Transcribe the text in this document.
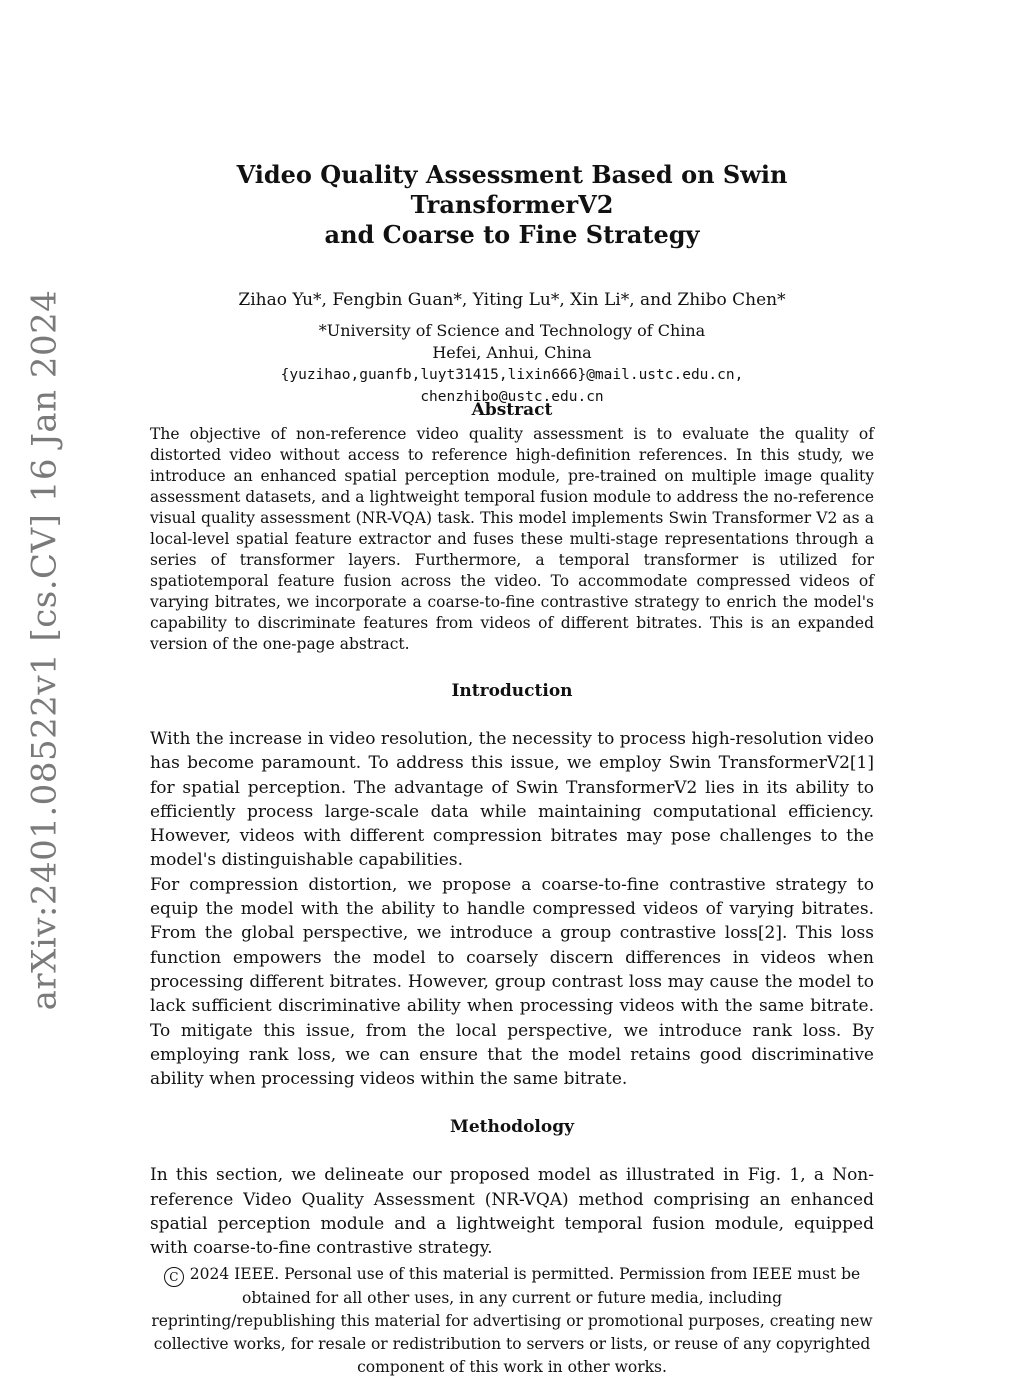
arXiv:2401.08522v1 [cs.CV] 16 Jan 2024
Video Quality Assessment Based on Swin TransformerV2
and Coarse to Fine Strategy
Zihao Yu*, Fengbin Guan*, Yiting Lu*, Xin Li*, and Zhibo Chen*
*University of Science and Technology of China
Hefei, Anhui, China
{yuzihao,guanfb,luyt31415,lixin666}@mail.ustc.edu.cn,
chenzhibo@ustc.edu.cn
Abstract
The objective of non-reference video quality assessment is to evaluate the quality of distorted video without access to reference high-definition references. In this study, we introduce an enhanced spatial perception module, pre-trained on multiple image quality assessment datasets, and a lightweight temporal fusion module to address the no-reference visual quality assessment (NR-VQA) task. This model implements Swin Transformer V2 as a local-level spatial feature extractor and fuses these multi-stage representations through a series of transformer layers. Furthermore, a temporal transformer is utilized for spatiotemporal feature fusion across the video. To accommodate compressed videos of varying bitrates, we incorporate a coarse-to-fine contrastive strategy to enrich the model's capability to discriminate features from videos of different bitrates. This is an expanded version of the one-page abstract.
Introduction
With the increase in video resolution, the necessity to process high-resolution video has become paramount. To address this issue, we employ Swin TransformerV2[1] for spatial perception. The advantage of Swin TransformerV2 lies in its ability to efficiently process large-scale data while maintaining computational efficiency. However, videos with different compression bitrates may pose challenges to the model's distinguishable capabilities.
For compression distortion, we propose a coarse-to-fine contrastive strategy to equip the model with the ability to handle compressed videos of varying bitrates. From the global perspective, we introduce a group contrastive loss[2]. This loss function empowers the model to coarsely discern differences in videos when processing different bitrates. However, group contrast loss may cause the model to lack sufficient discriminative ability when processing videos with the same bitrate. To mitigate this issue, from the local perspective, we introduce rank loss. By employing rank loss, we can ensure that the model retains good discriminative ability when processing videos within the same bitrate.
Methodology
In this section, we delineate our proposed model as illustrated in Fig. 1, a Non-reference Video Quality Assessment (NR-VQA) method comprising an enhanced spatial perception module and a lightweight temporal fusion module, equipped with coarse-to-fine contrastive strategy.
C 2024 IEEE. Personal use of this material is permitted. Permission from IEEE must be obtained for all other uses, in any current or future media, including reprinting/republishing this material for advertising or promotional purposes, creating new collective works, for resale or redistribution to servers or lists, or reuse of any copyrighted component of this work in other works.
